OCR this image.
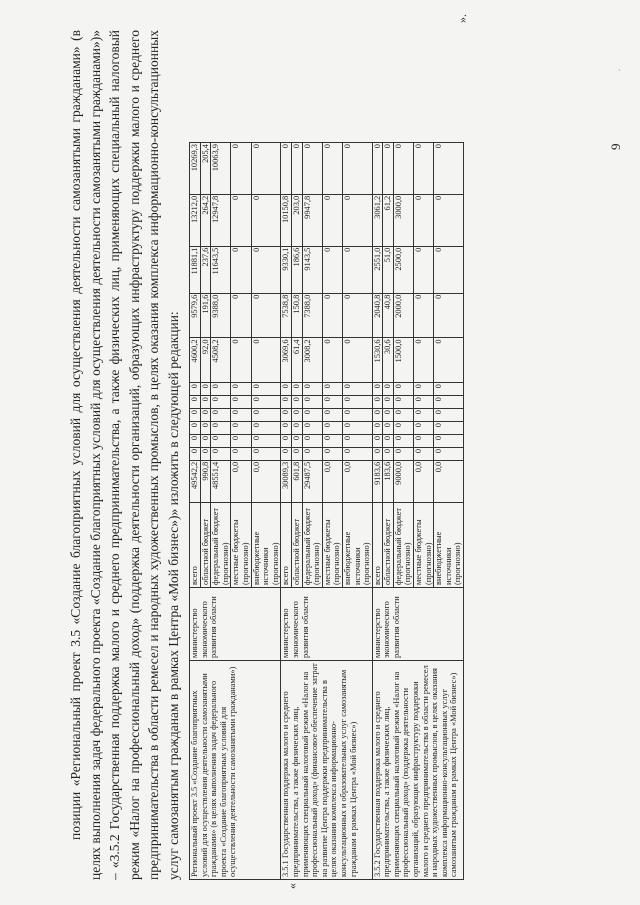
9
·

позиции «Региональный проект 3.5 «Создание благоприятных условий для осуществления деятельности самозанятыми гражданами» (в целях выполнения задач федерального проекта «Создание благоприятных условий для осуществления деятельности самозанятыми гражданами»)» – «3.5.2 Государственная поддержка малого и среднего предпринимательства, а также физических лиц, применяющих специальный налоговый режим «Налог на профессиональный доход» (поддержка деятельности организаций, образующих инфраструктуру поддержки малого и среднего предпринимательства в области ремесел и народных художественных промыслов, в целях оказания комплекса информационно-консультационных услуг самозанятым гражданам в рамках Центра «Мой бизнес»)» изложить в следующей редакции:

«
Региональный проект 3.5 «Создание благоприятных условий для осуществления деятельности самозанятыми гражданами» (в целях выполнения задач федерального проекта «Создание благоприятных условий для осуществления деятельности самозанятыми гражданами»)	министерство экономического развития области	всего	49542,2	0	0	0	0	0	0	4600,2	9579,6	11881,1	13212,0	10269,3
		областной бюджет	990,8	0	0	0	0	0	0	92,0	191,6	237,6	264,2	205,4
		федеральный бюджет (прогнозно)	48551,4	0	0	0	0	0	0	4508,2	9388,0	11643,5	12947,8	10063,9
		местные бюджеты (прогнозно)	0,0	0	0	0	0	0	0	0	0	0	0	0
		внебюджетные источники (прогнозно)	0,0	0	0	0	0	0	0	0	0	0	0	0
3.5.1 Государственная поддержка малого и среднего предпринимательства, а также физических лиц, применяющих специальный налоговый режим «Налог на профессиональный доход» (финансовое обеспечение затрат на развитие Центра поддержки предпринимательства в целях оказания комплекса информационно-консультационных и образовательных услуг самозанятым гражданам в рамках Центра «Мой бизнес»)	министерство экономического развития области	всего	30089,3	0	0	0	0	0	0	3069,6	7538,8	9330,1	10150,8	0
		областной бюджет	601,8	0	0	0	0	0	0	61,4	150,8	186,6	203,0	0
		федеральный бюджет (прогнозно)	29487,5	0	0	0	0	0	0	3008,2	7388,0	9143,5	9947,8	0
		местные бюджеты (прогнозно)	0,0	0	0	0	0	0	0	0	0	0	0	0
		внебюджетные источники (прогнозно)	0,0	0	0	0	0	0	0	0	0	0	0	0
3.5.2 Государственная поддержка малого и среднего предпринимательства, а также физических лиц, применяющих специальный налоговый режим «Налог на профессиональный доход» (поддержка деятельности организаций, образующих инфраструктуру поддержки малого и среднего предпринимательства в области ремесел и народных художественных промыслов, в целях оказания комплекса информационно-консультационных услуг самозанятым гражданам в рамках Центра «Мой бизнес»)	министерство экономического развития области	всего	9183,6	0	0	0	0	0	0	1530,6	2040,8	2551,0	3061,2	0
		областной бюджет	183,6	0	0	0	0	0	0	30,6	40,8	51,0	61,2	0
		федеральный бюджет (прогнозно)	9000,0	0	0	0	0	0	0	1500,0	2000,0	2500,0	3000,0	0
		местные бюджеты (прогнозно)	0,0	0	0	0	0	0	0	0	0	0	0	0
		внебюджетные источники (прогнозно)	0,0	0	0	0	0	0	0	0	0	0	0	0
».
